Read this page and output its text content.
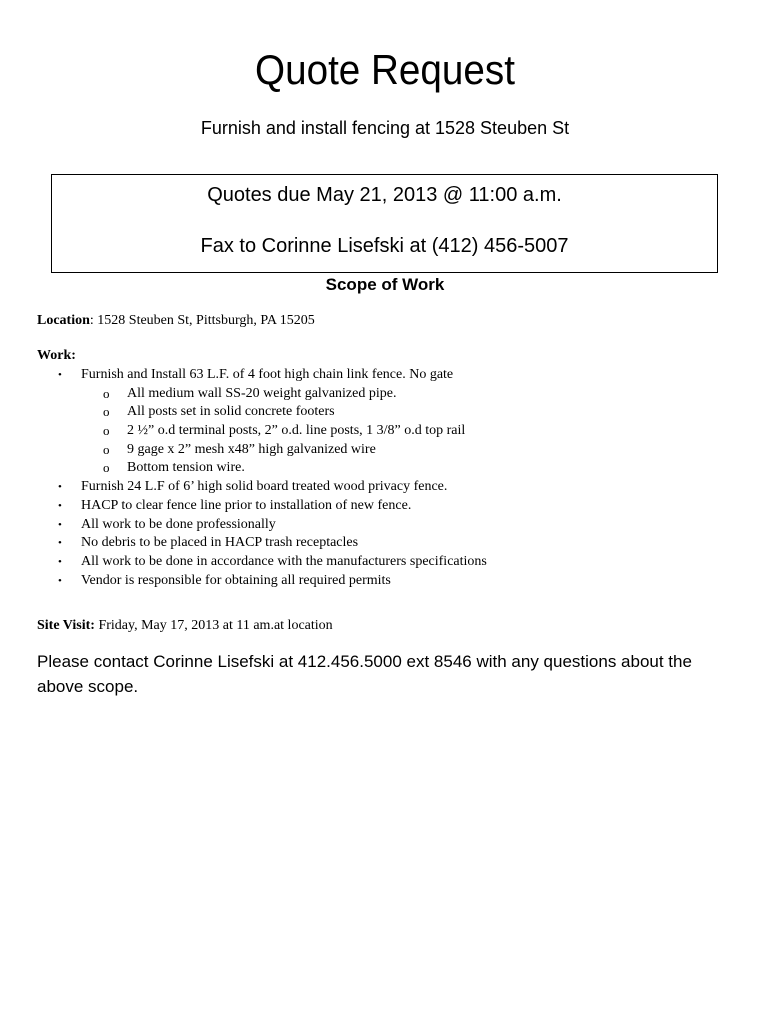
Quote Request
Furnish and install fencing at 1528 Steuben St
Quotes due May 21, 2013 @ 11:00 a.m.
Fax to Corinne Lisefski at (412) 456-5007
Scope of Work
Location: 1528 Steuben St, Pittsburgh, PA 15205
Work:
• Furnish and Install 63 L.F. of 4 foot high chain link fence. No gate
o All medium wall SS-20 weight galvanized pipe.
o All posts set in solid concrete footers
o 2 ½” o.d terminal posts, 2” o.d. line posts, 1 3/8” o.d top rail
o 9 gage x 2” mesh x48” high galvanized wire
o Bottom tension wire.
• Furnish 24 L.F of 6’ high solid board treated wood privacy fence.
• HACP to clear fence line prior to installation of new fence.
• All work to be done professionally
• No debris to be placed in HACP trash receptacles
• All work to be done in accordance with the manufacturers specifications
• Vendor is responsible for obtaining all required permits
Site Visit: Friday, May 17, 2013 at 11 am.at location
Please contact Corinne Lisefski at 412.456.5000 ext 8546 with any questions about the above scope.
